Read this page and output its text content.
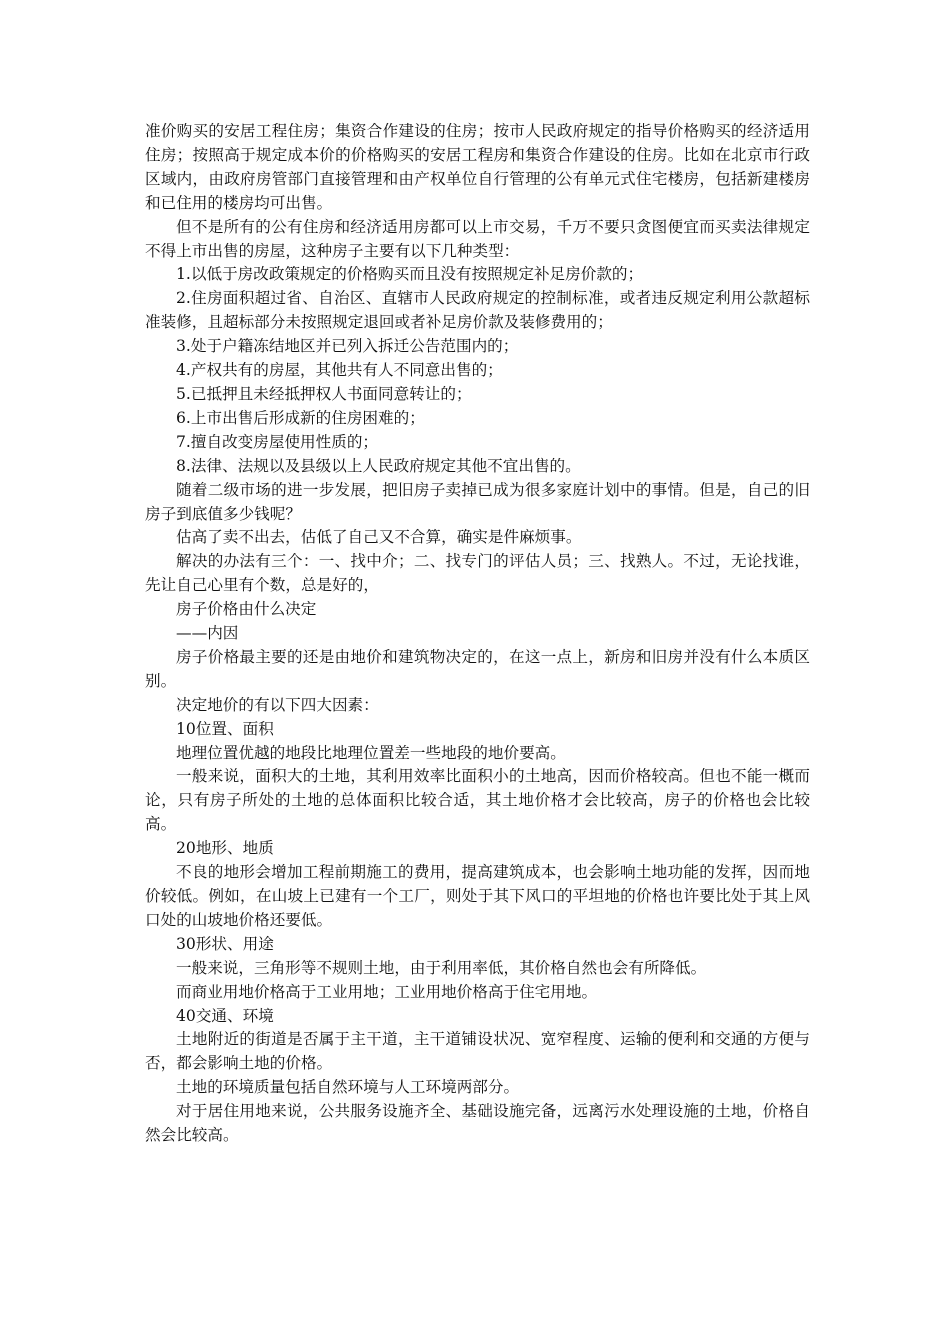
准价购买的安居工程住房；集资合作建设的住房；按市人民政府规定的指导价格购买的经济适用住房；按照高于规定成本价的价格购买的安居工程房和集资合作建设的住房。比如在北京市行政区域内，由政府房管部门直接管理和由产权单位自行管理的公有单元式住宅楼房，包括新建楼房和已住用的楼房均可出售。

但不是所有的公有住房和经济适用房都可以上市交易，千万不要只贪图便宜而买卖法律规定不得上市出售的房屋，这种房子主要有以下几种类型：

1.以低于房改政策规定的价格购买而且没有按照规定补足房价款的；

2.住房面积超过省、自治区、直辖市人民政府规定的控制标准，或者违反规定利用公款超标准装修，且超标部分未按照规定退回或者补足房价款及装修费用的；

3.处于户籍冻结地区并已列入拆迁公告范围内的；

4.产权共有的房屋，其他共有人不同意出售的；

5.已抵押且未经抵押权人书面同意转让的；

6.上市出售后形成新的住房困难的；

7.擅自改变房屋使用性质的；

8.法律、法规以及县级以上人民政府规定其他不宜出售的。

随着二级市场的进一步发展，把旧房子卖掉已成为很多家庭计划中的事情。但是，自己的旧房子到底值多少钱呢？

估高了卖不出去，估低了自己又不合算，确实是件麻烦事。

解决的办法有三个：一、找中介；二、找专门的评估人员；三、找熟人。不过，无论找谁，先让自己心里有个数，总是好的，

房子价格由什么决定

——内因

房子价格最主要的还是由地价和建筑物决定的，在这一点上，新房和旧房并没有什么本质区别。

决定地价的有以下四大因素：

10位置、面积

地理位置优越的地段比地理位置差一些地段的地价要高。

一般来说，面积大的土地，其利用效率比面积小的土地高，因而价格较高。但也不能一概而论，只有房子所处的土地的总体面积比较合适，其土地价格才会比较高，房子的价格也会比较高。

20地形、地质

不良的地形会增加工程前期施工的费用，提高建筑成本，也会影响土地功能的发挥，因而地价较低。例如，在山坡上已建有一个工厂，则处于其下风口的平坦地的价格也许要比处于其上风口处的山坡地价格还要低。

30形状、用途

一般来说，三角形等不规则土地，由于利用率低，其价格自然也会有所降低。

而商业用地价格高于工业用地；工业用地价格高于住宅用地。

40交通、环境

土地附近的街道是否属于主干道，主干道铺设状况、宽窄程度、运输的便利和交通的方便与否，都会影响土地的价格。

土地的环境质量包括自然环境与人工环境两部分。

对于居住用地来说，公共服务设施齐全、基础设施完备，远离污水处理设施的土地，价格自然会比较高。
